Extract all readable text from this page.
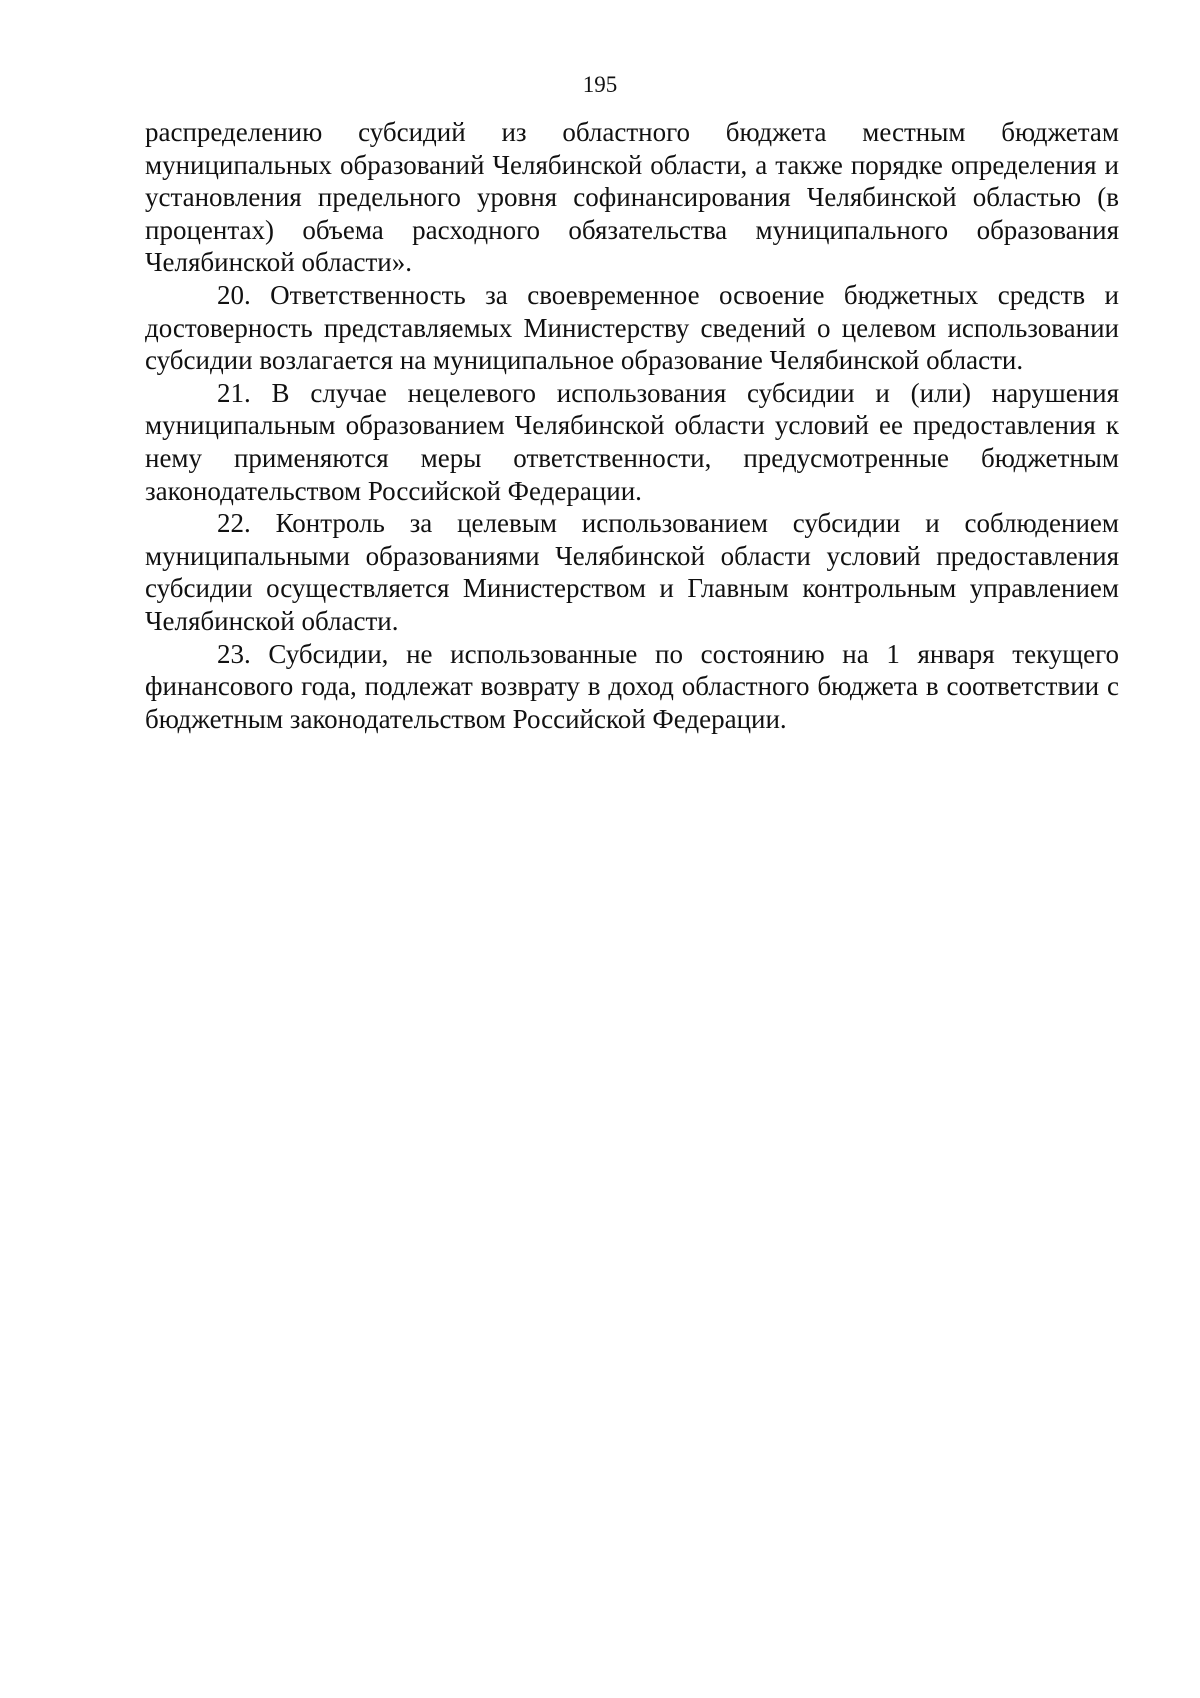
195

распределению субсидий из областного бюджета местным бюджетам муниципальных образований Челябинской области, а также порядке определения и установления предельного уровня софинансирования Челябинской областью (в процентах) объема расходного обязательства муниципального образования Челябинской области».

20. Ответственность за своевременное освоение бюджетных средств и достоверность представляемых Министерству сведений о целевом использовании субсидии возлагается на муниципальное образование Челябинской области.

21. В случае нецелевого использования субсидии и (или) нарушения муниципальным образованием Челябинской области условий ее предоставления к нему применяются меры ответственности, предусмотренные бюджетным законодательством Российской Федерации.

22. Контроль за целевым использованием субсидии и соблюдением муниципальными образованиями Челябинской области условий предоставления субсидии осуществляется Министерством и Главным контрольным управлением Челябинской области.

23. Субсидии, не использованные по состоянию на 1 января текущего финансового года, подлежат возврату в доход областного бюджета в соответствии с бюджетным законодательством Российской Федерации.
